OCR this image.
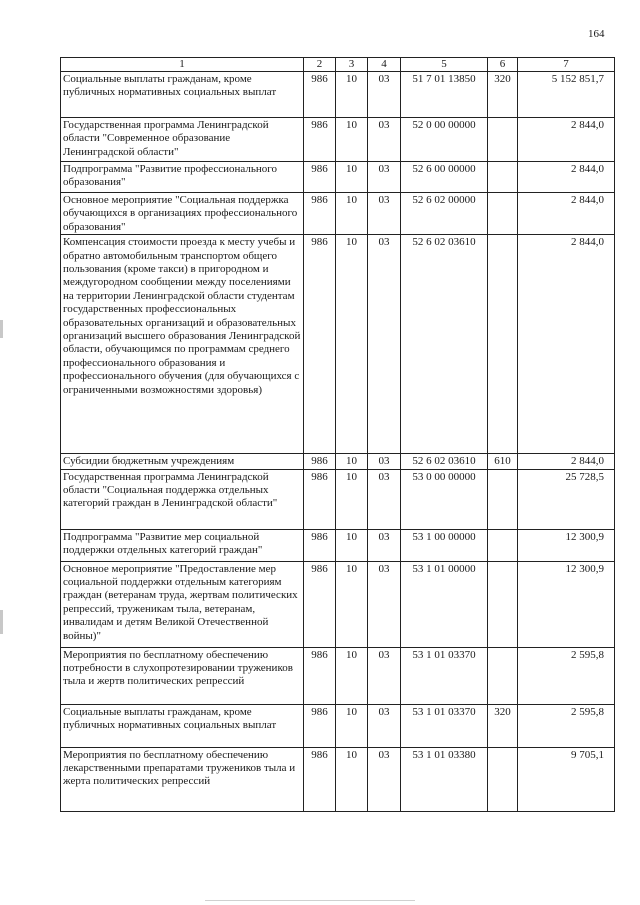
164
1	2	3	4	5	6	7
Социальные выплаты гражданам, кроме публичных нормативных социальных выплат	986	10	03	51 7 01 13850	320	5 152 851,7
Государственная программа Ленинградской области "Современное образование Ленинградской области"	986	10	03	52 0 00 00000		2 844,0
Подпрограмма "Развитие профессионального образования"	986	10	03	52 6 00 00000		2 844,0
Основное мероприятие "Социальная поддержка обучающихся в организациях профессионального образования"	986	10	03	52 6 02 00000		2 844,0
Компенсация стоимости проезда к месту учебы и обратно автомобильным транспортом общего пользования (кроме такси) в пригородном и междугородном сообщении между поселениями на территории Ленинградской области студентам государственных профессиональных образовательных организаций и образовательных организаций высшего образования Ленинградской области, обучающимся по программам среднего профессионального образования и профессионального обучения (для обучающихся с ограниченными возможностями здоровья)	986	10	03	52 6 02 03610		2 844,0
Субсидии бюджетным учреждениям	986	10	03	52 6 02 03610	610	2 844,0
Государственная программа Ленинградской области "Социальная поддержка отдельных категорий граждан в Ленинградской области"	986	10	03	53 0 00 00000		25 728,5
Подпрограмма "Развитие мер социальной поддержки отдельных категорий граждан"	986	10	03	53 1 00 00000		12 300,9
Основное мероприятие "Предоставление мер социальной поддержки отдельным категориям граждан (ветеранам труда, жертвам политических репрессий, труженикам тыла, ветеранам, инвалидам и детям Великой Отечественной войны)"	986	10	03	53 1 01 00000		12 300,9
Мероприятия по бесплатному обеспечению потребности в слухопротезировании тружеников тыла и жертв политических репрессий	986	10	03	53 1 01 03370		2 595,8
Социальные выплаты гражданам, кроме публичных нормативных социальных выплат	986	10	03	53 1 01 03370	320	2 595,8
Мероприятия по бесплатному обеспечению лекарственными препаратами тружеников тыла и жерта политических репрессий	986	10	03	53 1 01 03380		9 705,1
